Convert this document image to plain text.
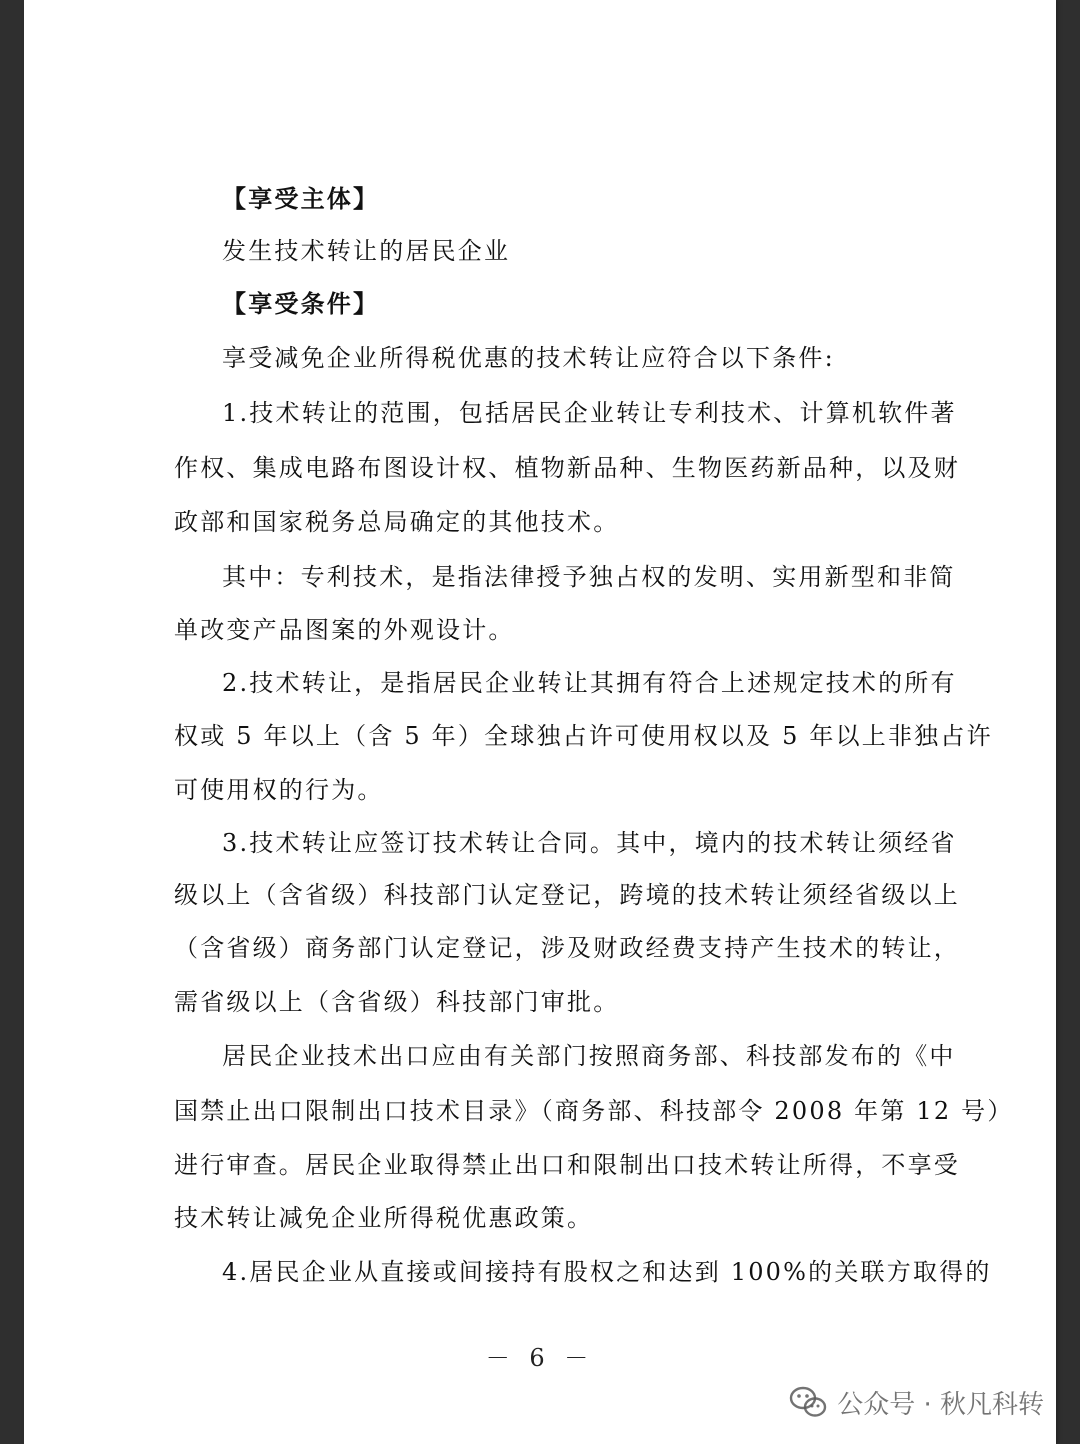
【享受主体】
发生技术转让的居民企业
【享受条件】
享受减免企业所得税优惠的技术转让应符合以下条件:
1.技术转让的范围，包括居民企业转让专利技术、计算机软件著
作权、集成电路布图设计权、植物新品种、生物医药新品种，以及财
政部和国家税务总局确定的其他技术。
其中：专利技术，是指法律授予独占权的发明、实用新型和非简
单改变产品图案的外观设计。
2.技术转让，是指居民企业转让其拥有符合上述规定技术的所有
权或 5 年以上（含 5 年）全球独占许可使用权以及 5 年以上非独占许
可使用权的行为。
3.技术转让应签订技术转让合同。其中，境内的技术转让须经省
级以上（含省级）科技部门认定登记，跨境的技术转让须经省级以上
（含省级）商务部门认定登记，涉及财政经费支持产生技术的转让，
需省级以上（含省级）科技部门审批。
居民企业技术出口应由有关部门按照商务部、科技部发布的《中
国禁止出口限制出口技术目录》（商务部、科技部令 2008 年第 12 号）
进行审查。居民企业取得禁止出口和限制出口技术转让所得，不享受
技术转让减免企业所得税优惠政策。
4.居民企业从直接或间接持有股权之和达到 100%的关联方取得的
－ 6 －
公众号 · 秋凡科转
